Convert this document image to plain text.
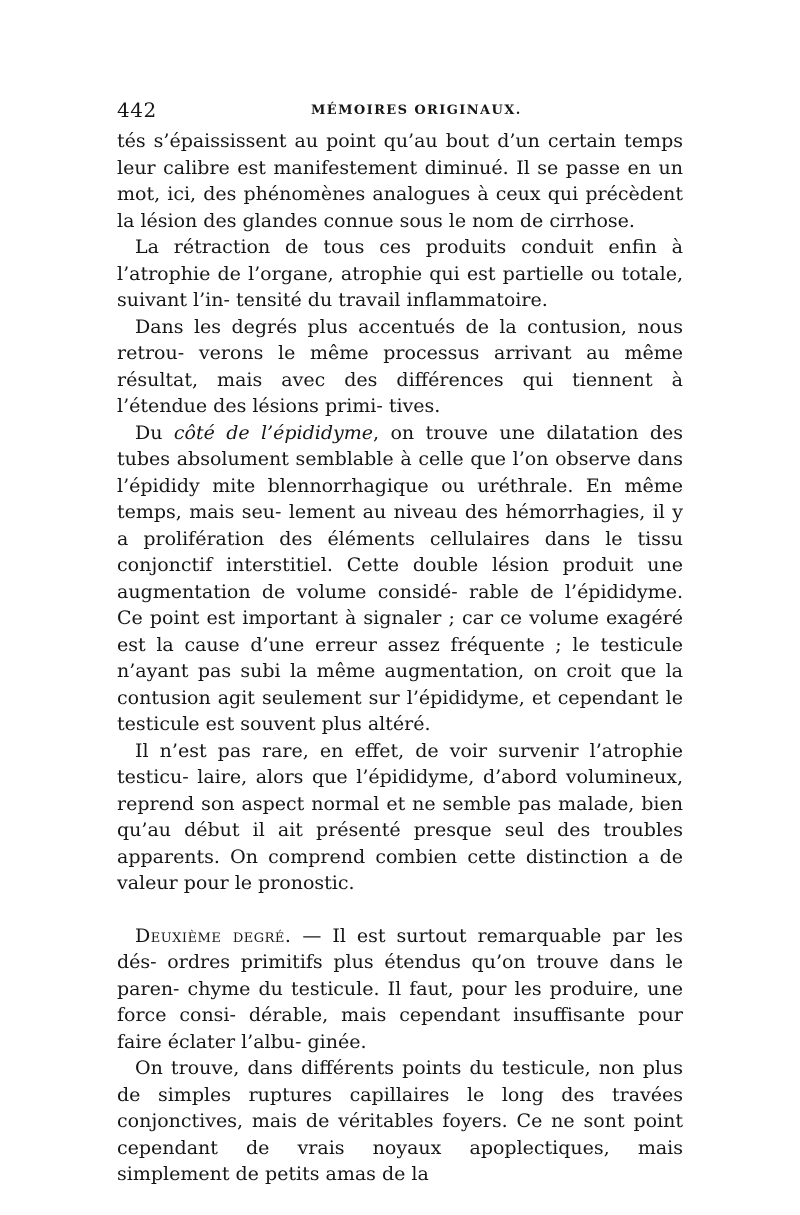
442	MÉMOIRES ORIGINAUX.

tés s’épaississent au point qu’au bout d’un certain temps leur calibre est manifestement diminué. Il se passe en un mot, ici, des phénomènes analogues à ceux qui précèdent la lésion des glandes connue sous le nom de cirrhose.

La rétraction de tous ces produits conduit enfin à l’atrophie de l’organe, atrophie qui est partielle ou totale, suivant l’in- tensité du travail inflammatoire.

Dans les degrés plus accentués de la contusion, nous retrou- verons le même processus arrivant au même résultat, mais avec des différences qui tiennent à l’étendue des lésions primi- tives.

Du côté de l’épididyme, on trouve une dilatation des tubes absolument semblable à celle que l’on observe dans l’épididy mite blennorrhagique ou uréthrale. En même temps, mais seu- lement au niveau des hémorrhagies, il y a prolifération des éléments cellulaires dans le tissu conjonctif interstitiel. Cette double lésion produit une augmentation de volume considé- rable de l’épididyme. Ce point est important à signaler ; car ce volume exagéré est la cause d’une erreur assez fréquente ; le testicule n’ayant pas subi la même augmentation, on croit que la contusion agit seulement sur l’épididyme, et cependant le testicule est souvent plus altéré.

Il n’est pas rare, en effet, de voir survenir l’atrophie testicu- laire, alors que l’épididyme, d’abord volumineux, reprend son aspect normal et ne semble pas malade, bien qu’au début il ait présenté presque seul des troubles apparents. On comprend combien cette distinction a de valeur pour le pronostic.

Deuxième degré. — Il est surtout remarquable par les dés- ordres primitifs plus étendus qu’on trouve dans le paren- chyme du testicule. Il faut, pour les produire, une force consi- dérable, mais cependant insuffisante pour faire éclater l’albu- ginée.

On trouve, dans différents points du testicule, non plus de simples ruptures capillaires le long des travées conjonctives, mais de véritables foyers. Ce ne sont point cependant de vrais noyaux apoplectiques, mais simplement de petits amas de la
